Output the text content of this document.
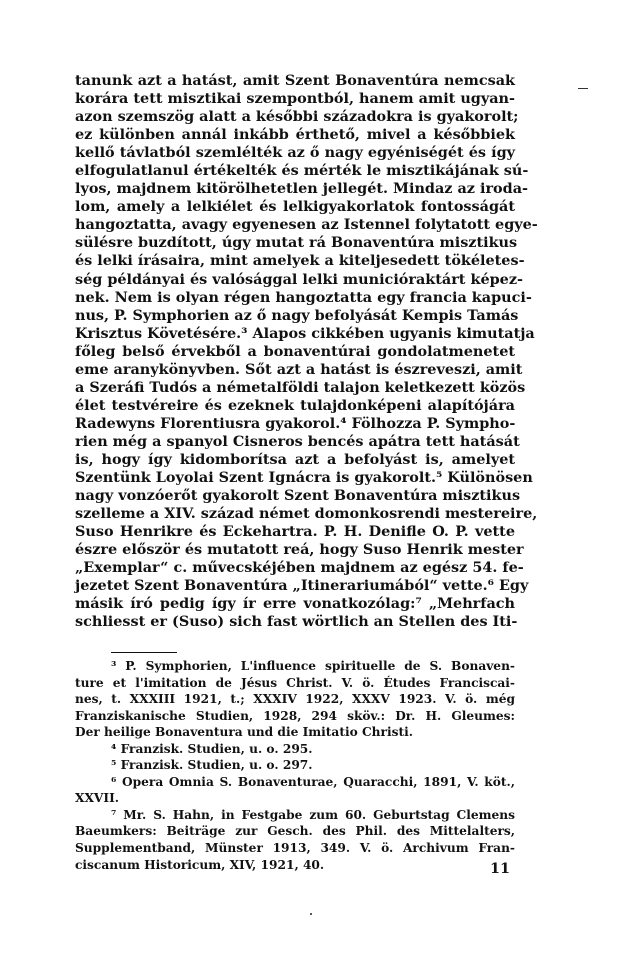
tanunk azt a hatást, amit Szent Bonaventúra nemcsak
korára tett misztikai szempontból, hanem amit ugyan-
azon szemszög alatt a későbbi századokra is gyakorolt;
ez különben annál inkább érthető, mivel a későbbiek
kellő távlatból szemlélték az ő nagy egyéniségét és így
elfogulatlanul értékelték és mérték le misztikájának sú-
lyos, majdnem kitörölhetetlen jellegét. Mindaz az iroda-
lom, amely a lelkiélet és lelkigyakorlatok fontosságát
hangoztatta, avagy egyenesen az Istennel folytatott egye-
sülésre buzdított, úgy mutat rá Bonaventúra misztikus
és lelki írásaira, mint amelyek a kiteljesedett tökéletes-
ség példányai és valósággal lelki municióraktárt képez-
nek. Nem is olyan régen hangoztatta egy francia kapuci-
nus, P. Symphorien az ő nagy befolyását Kempis Tamás
Krisztus Követésére.³ Alapos cikkében ugyanis kimutatja
főleg belső érvekből a bonaventúrai gondolatmenetet
eme aranykönyvben. Sőt azt a hatást is észreveszi, amit
a Szeráfi Tudós a németalföldi talajon keletkezett közös
élet testvéreire és ezeknek tulajdonképeni alapítójára
Radewyns Florentiusra gyakorol.⁴ Fölhozza P. Sympho-
rien még a spanyol Cisneros bencés apátra tett hatását
is, hogy így kidomborítsa azt a befolyást is, amelyet
Szentünk Loyolai Szent Ignácra is gyakorolt.⁵ Különösen
nagy vonzóerőt gyakorolt Szent Bonaventúra misztikus
szelleme a XIV. század német domonkosrendi mestereire,
Suso Henrikre és Eckehartra. P. H. Denifle O. P. vette
észre először és mutatott reá, hogy Suso Henrik mester
„Exemplar“ c. művecskéjében majdnem az egész 54. fe-
jezetet Szent Bonaventúra „Itinerariumából“ vette.⁶ Egy
másik író pedig így ír erre vonatkozólag:⁷ „Mehrfach
schliesst er (Suso) sich fast wörtlich an Stellen des Iti-
³ P. Symphorien, L'influence spirituelle de S. Bonaven-
ture et l'imitation de Jésus Christ. V. ö. Études Franciscai-
nes, t. XXXIII 1921, t.; XXXIV 1922, XXXV 1923. V. ö. még
Franziskanische Studien, 1928, 294 sköv.: Dr. H. Gleumes:
Der heilige Bonaventura und die Imitatio Christi.
⁴ Franzisk. Studien, u. o. 295.
⁵ Franzisk. Studien, u. o. 297.
⁶ Opera Omnia S. Bonaventurae, Quaracchi, 1891, V. köt.,
XXVII.
⁷ Mr. S. Hahn, in Festgabe zum 60. Geburtstag Clemens
Baeumkers: Beiträge zur Gesch. des Phil. des Mittelalters,
Supplementband, Münster 1913, 349. V. ö. Archivum Fran-
ciscanum Historicum, XIV, 1921, 40.	11
